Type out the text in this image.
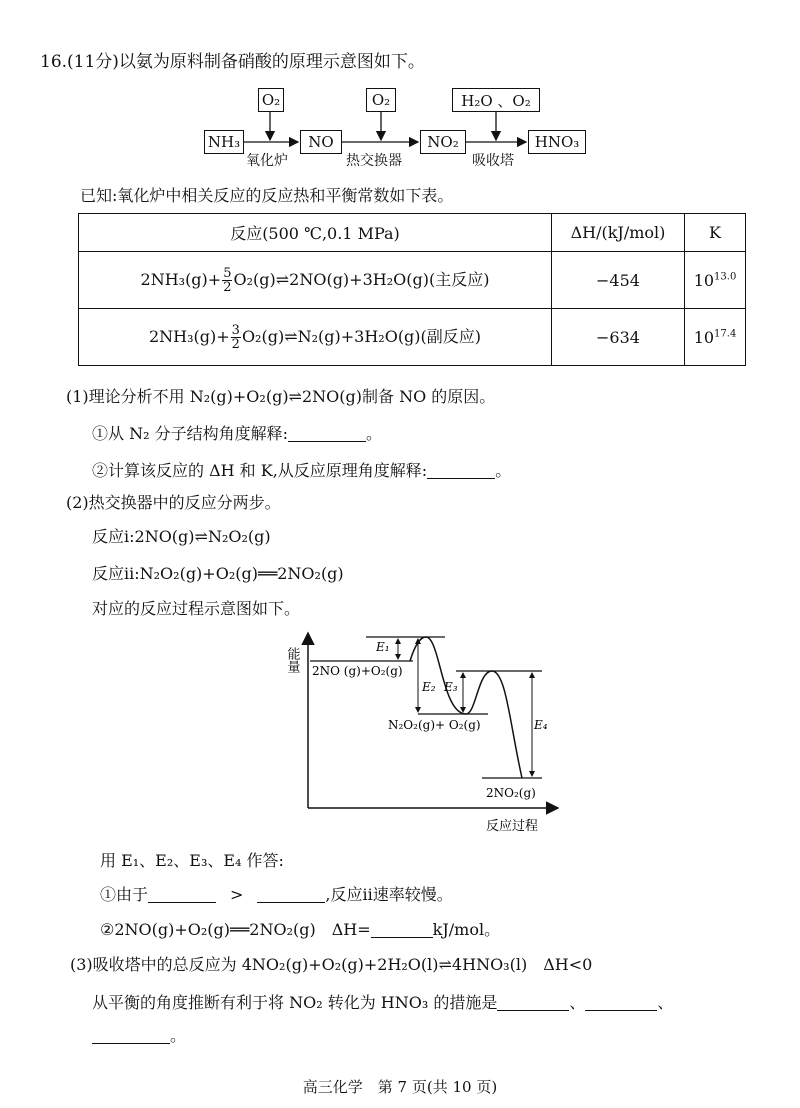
16.(11分)以氨为原料制备硝酸的原理示意图如下。
O₂	O₂	H₂O 、O₂
NH₃	NO	NO₂	HNO₃
氧化炉	热交换器	吸收塔
已知:氧化炉中相关反应的反应热和平衡常数如下表。
反应(500 ℃,0.1 MPa)	ΔH/(kJ/mol)	K
$2NH_3(g)+ \frac{5}{2}$ O₂(g)⇌2NO(g)+3H₂O(g)(主反应)	−454	$10^{13.0}$
$2NH_3(g)+ \frac{3}{2}$ O₂(g)⇌N₂(g)+3H₂O(g)(副反应)	−634	$10^{17.4}$
(1)理论分析不用 N₂(g)+O₂(g)⇌2NO(g)制备 NO 的原因。
①从 N₂ 分子结构角度解释:	。
②计算该反应的 ΔH 和 K,从反应原理角度解释:	。
(2)热交换器中的反应分两步。
反应ⅰ:2NO(g)⇌N₂O₂(g)
反应ⅱ:N₂O₂(g)+O₂(g)══2NO₂(g)
对应的反应过程示意图如下。
能量
反应过程
2NO (g)+O₂(g)
N₂O₂(g)+ O₂(g)
2NO₂(g)
E₁
E₂ E₃
E₄
用 E₁、E₂、E₃、E₄ 作答:
①由于	>	,反应ⅱ速率较慢。
②2NO(g)+O₂(g)══2NO₂(g)　ΔH=	kJ/mol。
(3)吸收塔中的总反应为 4NO₂(g)+O₂(g)+2H₂O(l)⇌4HNO₃(l)　ΔH<0
从平衡的角度推断有利于将 NO₂ 转化为 HNO₃ 的措施是	、	、
。
高三化学　第 7 页(共 10 页)
